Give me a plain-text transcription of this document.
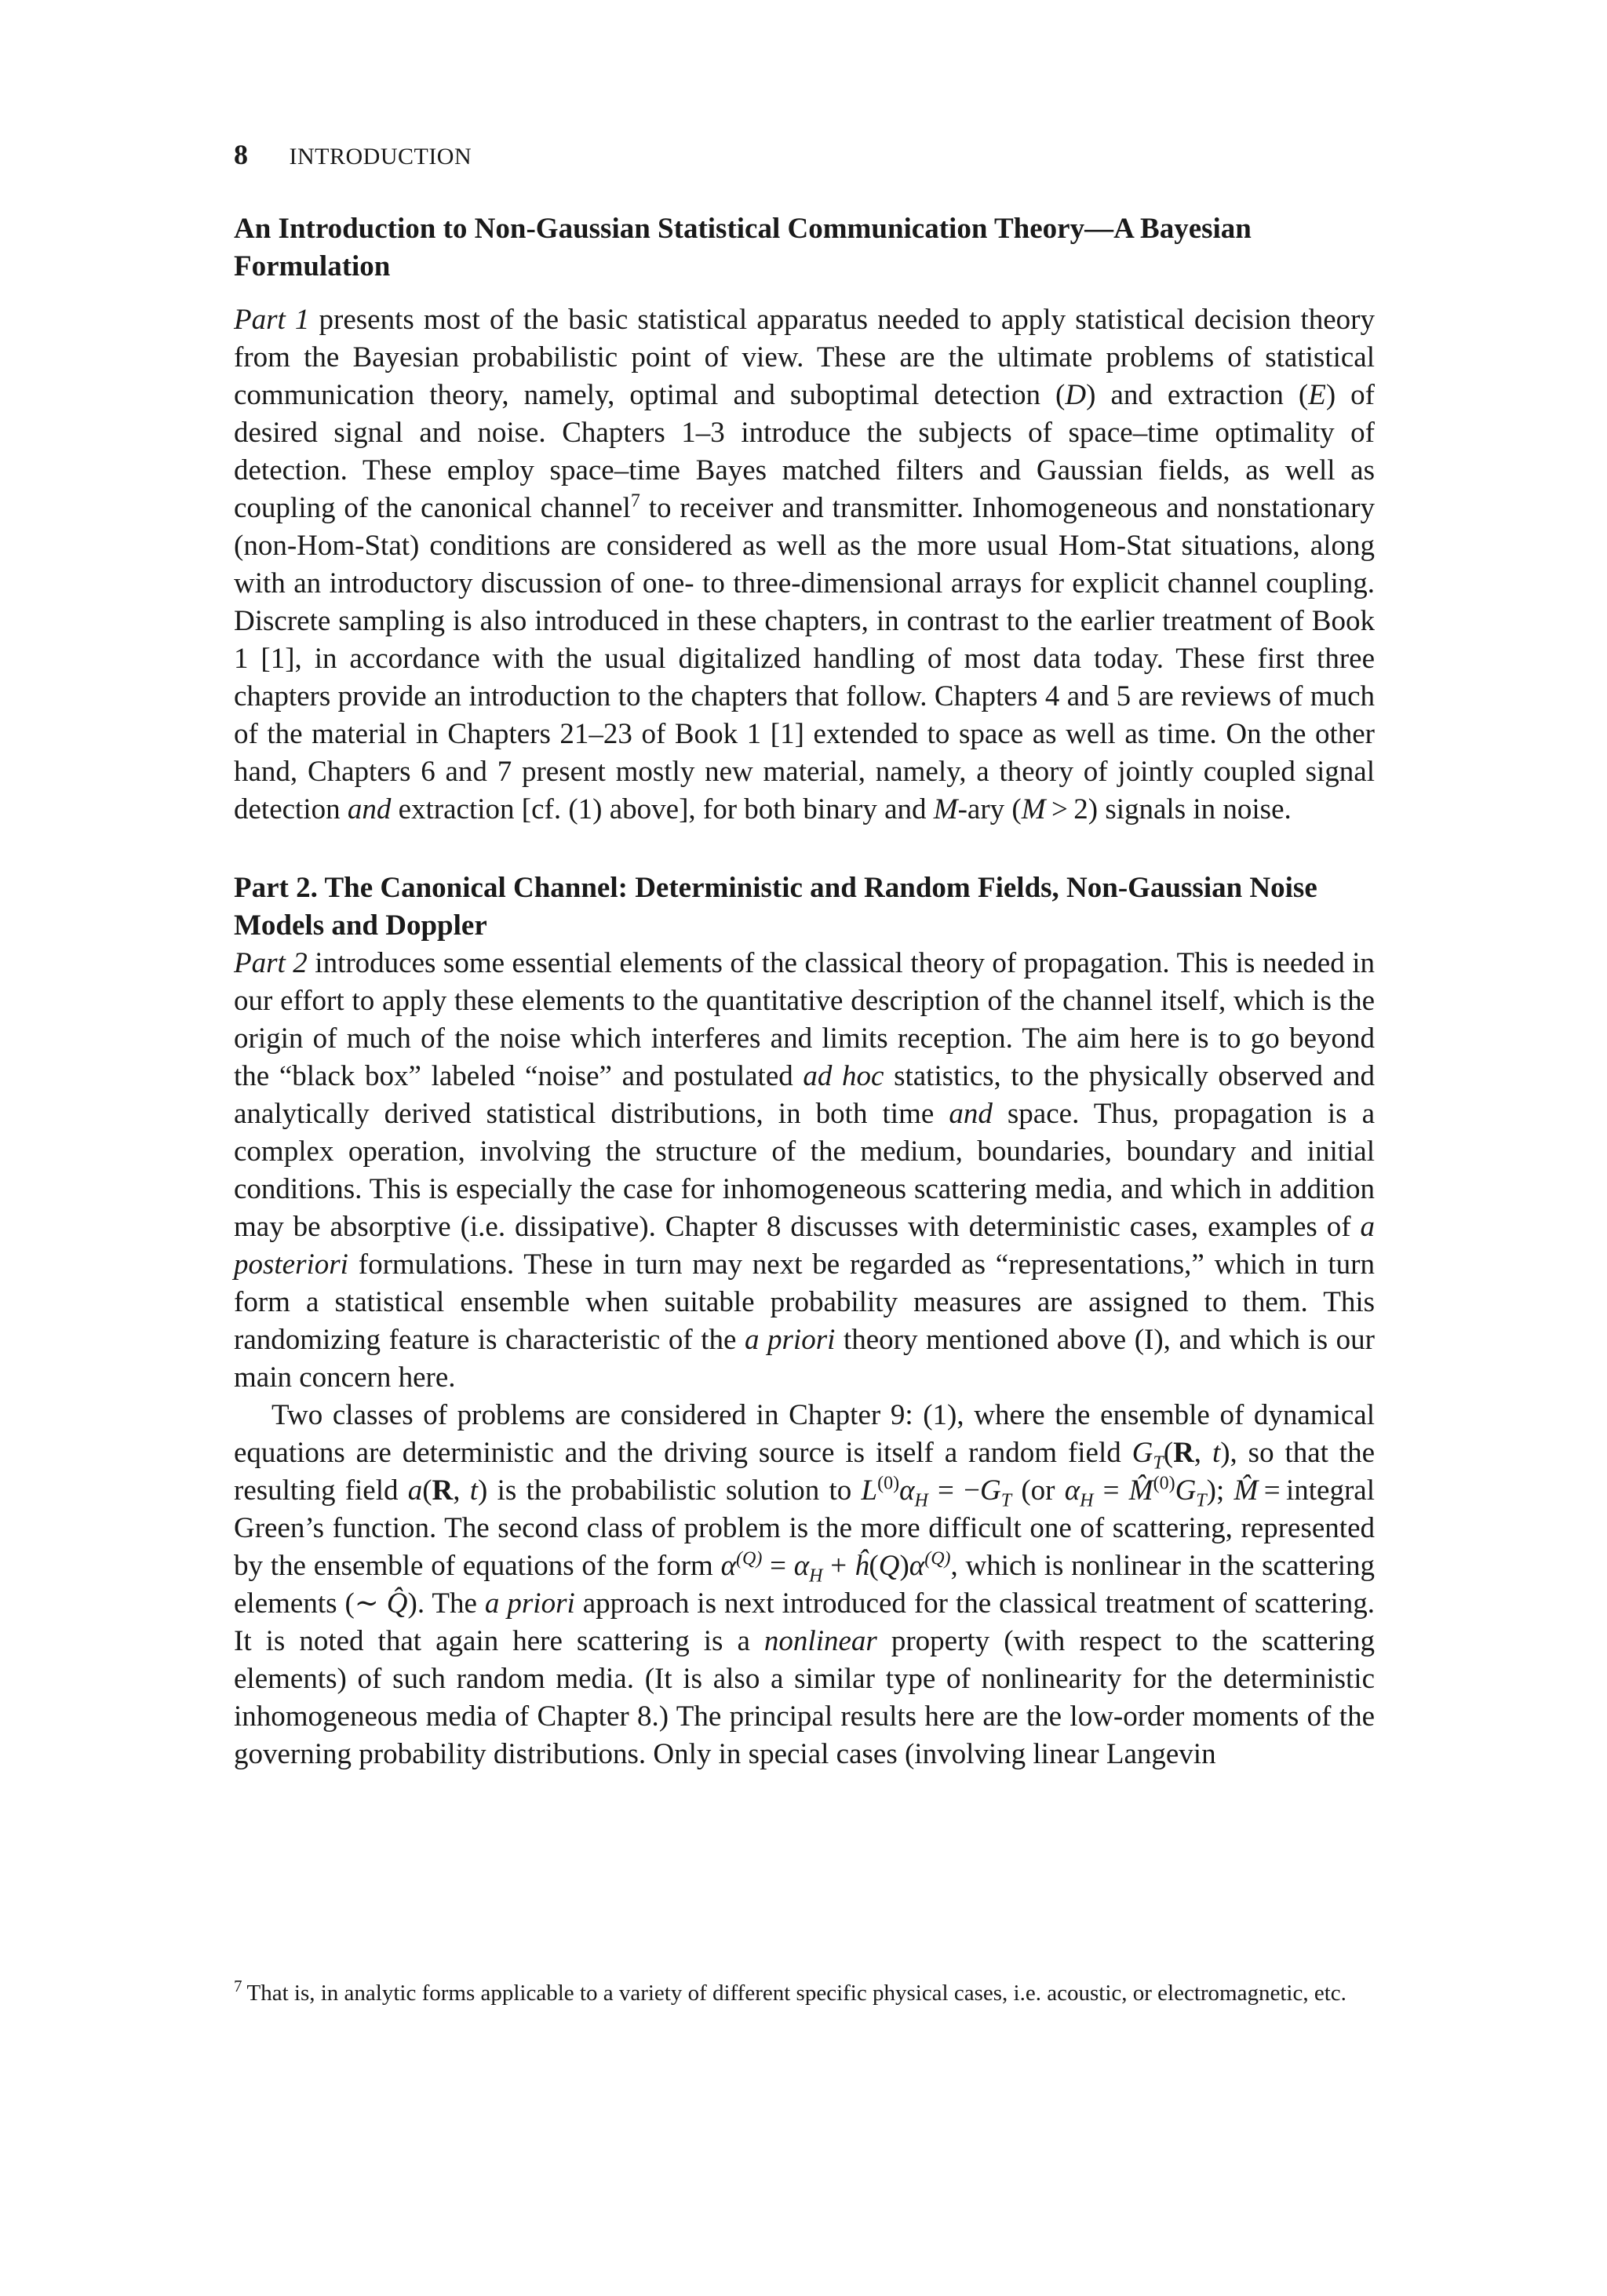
8 INTRODUCTION
An Introduction to Non-Gaussian Statistical Communication Theory—A Bayesian Formulation

Part 1 presents most of the basic statistical apparatus needed to apply statistical decision theory from the Bayesian probabilistic point of view. These are the ultimate problems of statistical communication theory, namely, optimal and suboptimal detection (D) and extraction (E) of desired signal and noise. Chapters 1–3 introduce the subjects of space–time optimality of detection. These employ space–time Bayes matched filters and Gaussian fields, as well as coupling of the canonical channel$^7$ to receiver and transmitter. Inhomogeneous and nonstationary (non-Hom-Stat) conditions are considered as well as the more usual Hom-Stat situations, along with an introductory discussion of one- to three-dimensional arrays for explicit channel coupling. Discrete sampling is also introduced in these chapters, in contrast to the earlier treatment of Book 1 [1], in accordance with the usual digitalized handling of most data today. These first three chapters provide an introduction to the chapters that follow. Chapters 4 and 5 are reviews of much of the material in Chapters 21–23 of Book 1 [1] extended to space as well as time. On the other hand, Chapters 6 and 7 present mostly new material, namely, a theory of jointly coupled signal detection and extraction [cf. (1) above], for both binary and M-ary (M > 2) signals in noise.

Part 2. The Canonical Channel: Deterministic and Random Fields, Non-Gaussian Noise Models and Doppler

Part 2 introduces some essential elements of the classical theory of propagation. This is needed in our effort to apply these elements to the quantitative description of the channel itself, which is the origin of much of the noise which interferes and limits reception. The aim here is to go beyond the “black box” labeled “noise” and postulated ad hoc statistics, to the physically observed and analytically derived statistical distributions, in both time and space. Thus, propagation is a complex operation, involving the structure of the medium, boundaries, boundary and initial conditions. This is especially the case for inhomogeneous scattering media, and which in addition may be absorptive (i.e. dissipative). Chapter 8 discusses with deterministic cases, examples of a posteriori formulations. These in turn may next be regarded as “representations,” which in turn form a statistical ensemble when suitable probability measures are assigned to them. This randomizing feature is characteristic of the a priori theory mentioned above (I), and which is our main concern here.

Two classes of problems are considered in Chapter 9: (1), where the ensemble of dynamical equations are deterministic and the driving source is itself a random field $G_T(R$, t), so that the resulting field a(R, t) is the probabilistic solution to $L^{(0)}\alpha_H = -G_T$ (or $\alpha_H$ = $M̂^{(0)}G_T$); M̂ = integral Green’s function. The second class of problem is the more difficult one of scattering, represented by the ensemble of equations of the form $\alpha^{(Q)} = \alpha_H$ + $ĥ(Q)\alpha^{(Q)}$, which is nonlinear in the scattering elements (∼ Q̂). The a priori approach is next introduced for the classical treatment of scattering. It is noted that again here scattering is a nonlinear property (with respect to the scattering elements) of such random media. (It is also a similar type of nonlinearity for the deterministic inhomogeneous media of Chapter 8.) The principal results here are the low-order moments of the governing probability distributions. Only in special cases (involving linear Langevin

$^7$ That is, in analytic forms applicable to a variety of different specific physical cases, i.e. acoustic, or electromagnetic, etc.
